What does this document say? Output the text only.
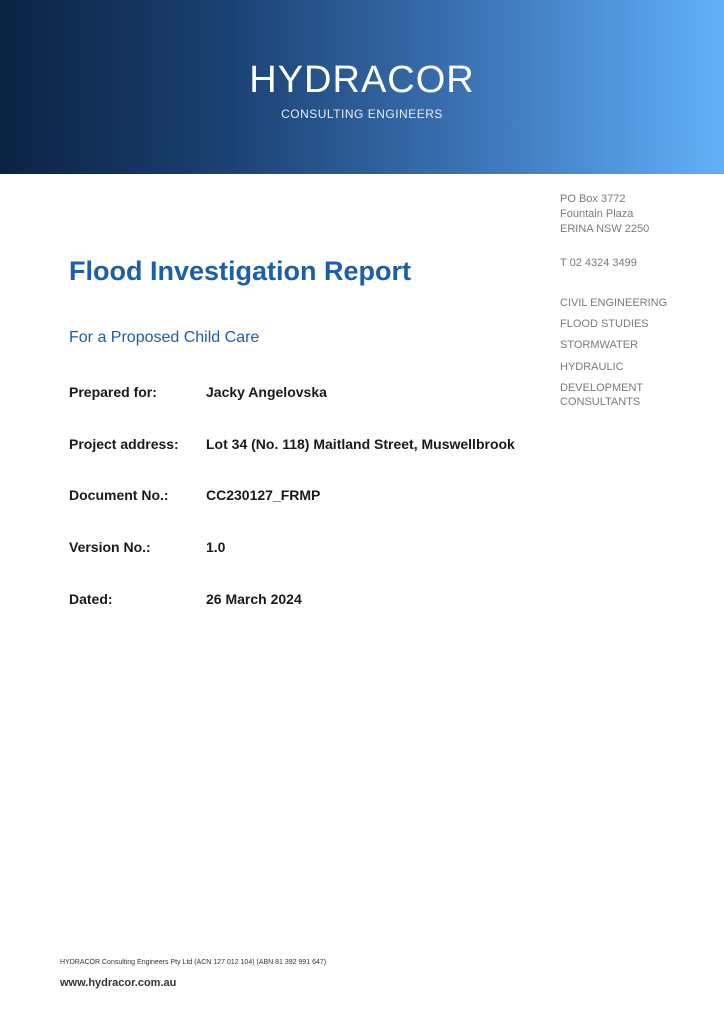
HYDRACOR
CONSULTING ENGINEERS
PO Box 3772
Fountain Plaza
ERINA NSW 2250
T 02 4324 3499
CIVIL ENGINEERING
FLOOD STUDIES
STORMWATER
HYDRAULIC
DEVELOPMENT
CONSULTANTS
Flood Investigation Report
For a Proposed Child Care
Prepared for:	Jacky Angelovska
Project address: Lot 34 (No. 118) Maitland Street, Muswellbrook
Document No.:	CC230127_FRMP
Version No.:	1.0
Dated:	26 March 2024
HYDRACOR Consulting Engineers Pty Ltd (ACN 127 012 104) (ABN 81 392 991 647)
www.hydracor.com.au
